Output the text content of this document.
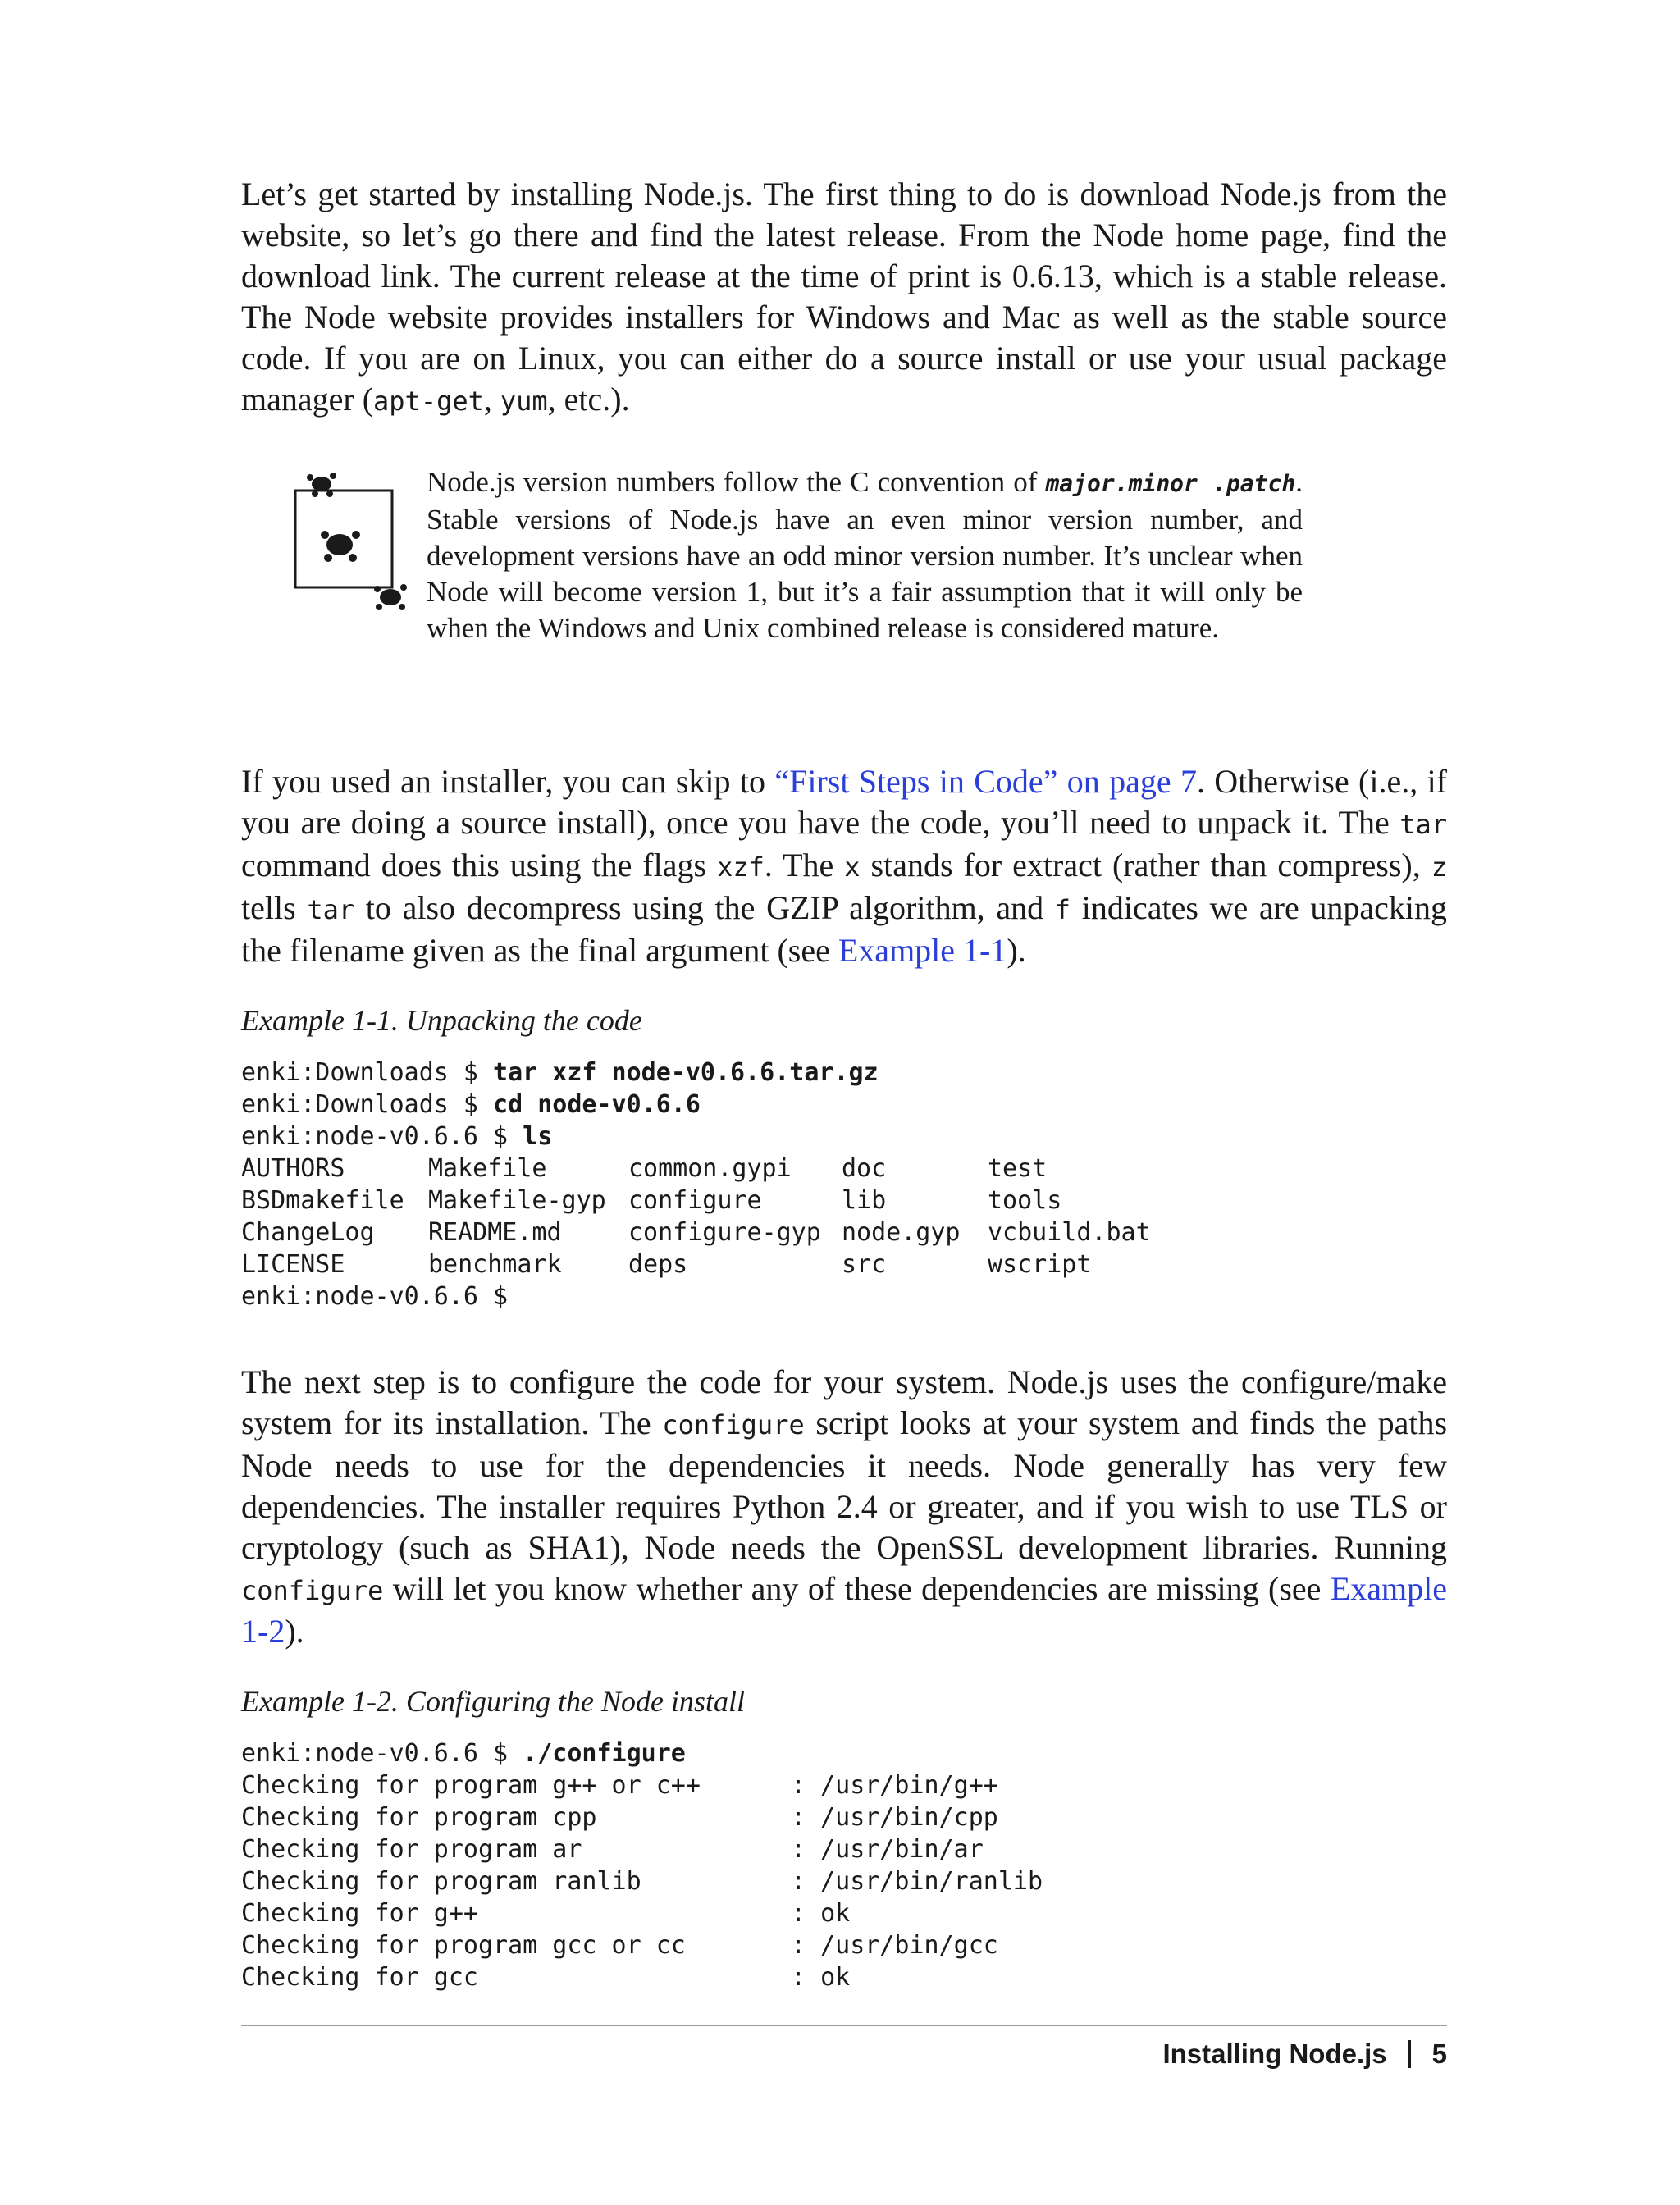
Let’s get started by installing Node.js. The first thing to do is download Node.js from the website, so let’s go there and find the latest release. From the Node home page, find the download link. The current release at the time of print is 0.6.13, which is a stable release. The Node website provides installers for Windows and Mac as well as the stable source code. If you are on Linux, you can either do a source install or use your usual package manager (apt-get, yum, etc.).

Node.js version numbers follow the C convention of major.minor .patch. Stable versions of Node.js have an even minor version number, and development versions have an odd minor version number. It’s unclear when Node will become version 1, but it’s a fair assumption that it will only be when the Windows and Unix combined release is considered mature.

If you used an installer, you can skip to “First Steps in Code” on page 7. Otherwise (i.e., if you are doing a source install), once you have the code, you’ll need to unpack it. The tar command does this using the flags xzf. The x stands for extract (rather than compress), z tells tar to also decompress using the GZIP algorithm, and f indicates we are unpacking the filename given as the final argument (see Example 1-1).

Example 1-1. Unpacking the code
enki:Downloads $ tar xzf node-v0.6.6.tar.gz
enki:Downloads $ cd node-v0.6.6
enki:node-v0.6.6 $ ls
AUTHORS	Makefile	common.gypi doc	test
BSDmakefile Makefile-gyp configure	lib	tools
ChangeLog README.md	configure-gyp node.gyp vcbuild.bat
LICENSE	benchmark	deps	src	wscript
enki:node-v0.6.6 $

The next step is to configure the code for your system. Node.js uses the configure/make system for its installation. The configure script looks at your system and finds the paths Node needs to use for the dependencies it needs. Node generally has very few dependencies. The installer requires Python 2.4 or greater, and if you wish to use TLS or cryptology (such as SHA1), Node needs the OpenSSL development libraries. Running configure will let you know whether any of these dependencies are missing (see Example 1-2).

Example 1-2. Configuring the Node install
enki:node-v0.6.6 $ ./configure
Checking for program g++ or c++	: /usr/bin/g++
Checking for program cpp	: /usr/bin/cpp
Checking for program ar	: /usr/bin/ar
Checking for program ranlib	: /usr/bin/ranlib
Checking for g++	: ok
Checking for program gcc or cc	: /usr/bin/gcc
Checking for gcc	: ok
Installing Node.js 5
